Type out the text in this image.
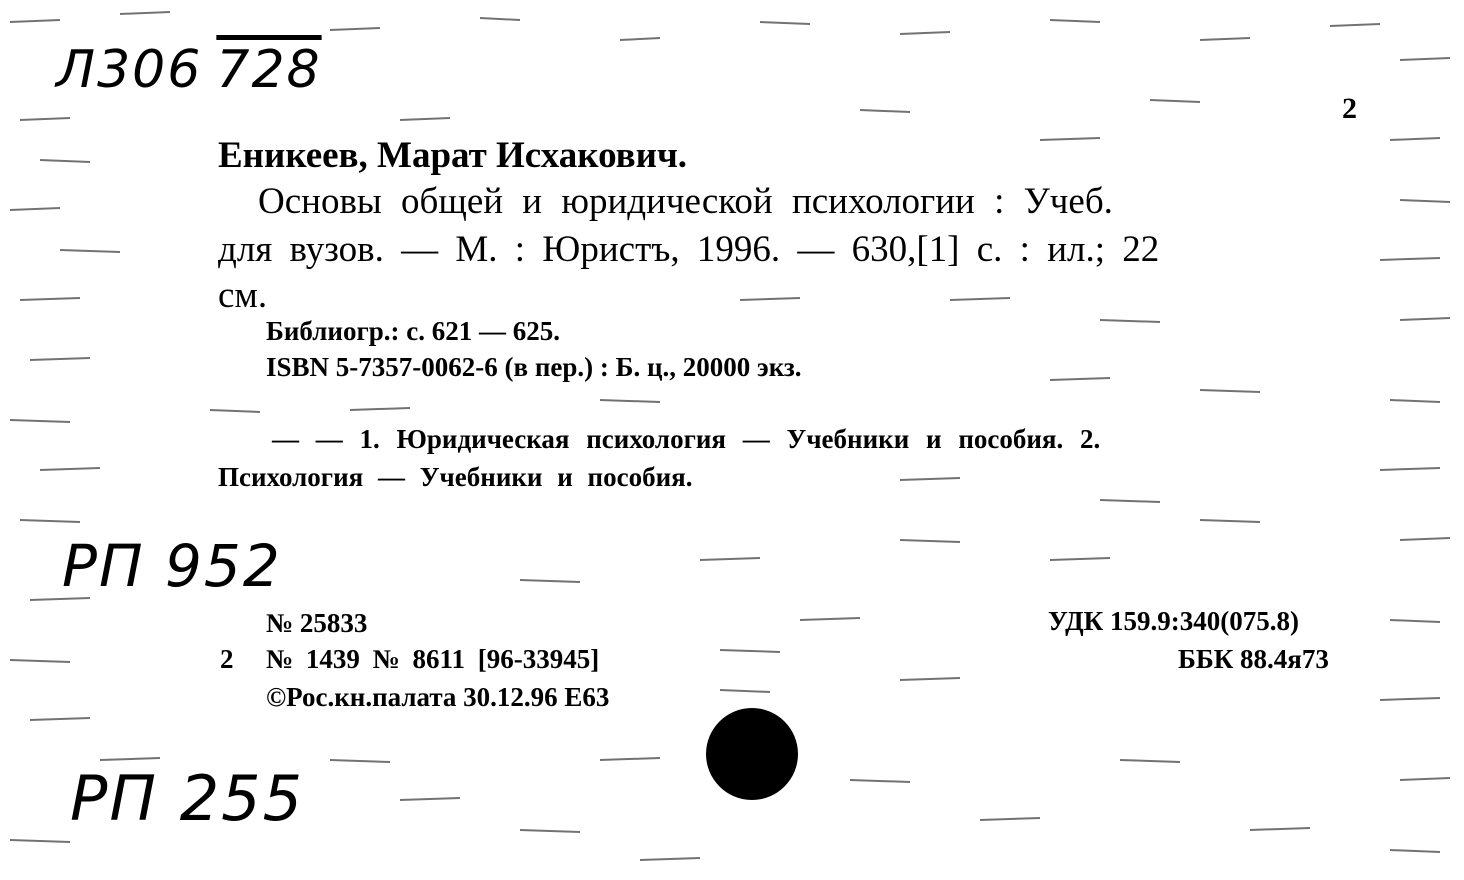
Л306 728
РП 952
РП 255
2
Еникеев, Марат Исхакович.
Основы общей и юридической психологии : Учеб.
для вузов. — М. : Юристъ, 1996. — 630,[1] с. : ил.; 22
см.
Библиогр.: с. 621 — 625.
ISBN 5-7357-0062-6 (в пер.) : Б. ц., 20000 экз.
— — 1. Юридическая психология — Учебники и пособия. 2.
Психология — Учебники и пособия.
№ 25833
2 № 1439 № 8611 [96-33945]
©Рос.кн.палата 30.12.96 Е63
УДК 159.9:340(075.8)
ББК 88.4я73
